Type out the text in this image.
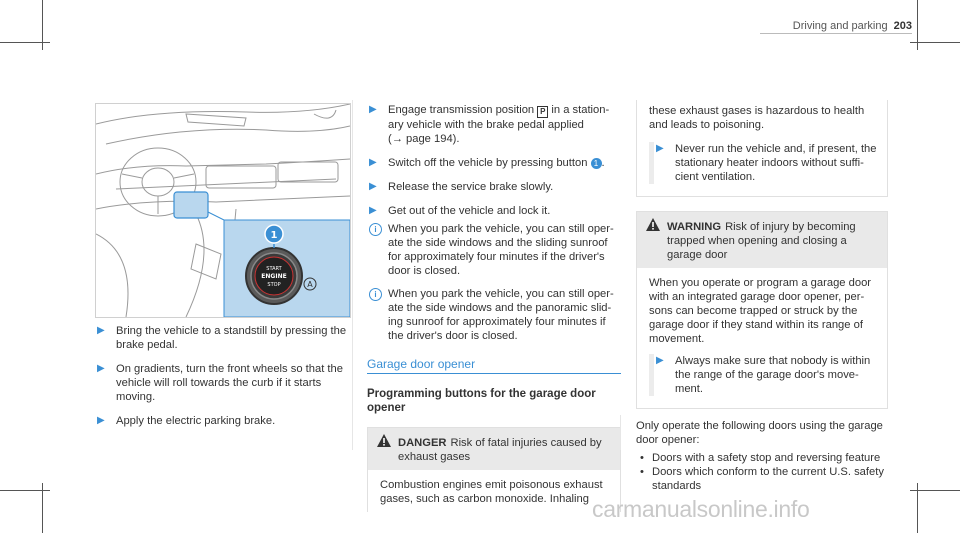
Driving and parking 203
START
ENGINE
STOP	A
1
▶ Bring the vehicle to a standstill by pressing the brake pedal.
▶ On gradients, turn the front wheels so that the vehicle will roll towards the curb if it starts moving.
▶ Apply the electric parking brake.
▶ Engage transmission position P in a station-ary vehicle with the brake pedal applied
(→ page 194).
▶ Switch off the vehicle by pressing button 1 .
▶ Release the service brake slowly.
▶ Get out of the vehicle and lock it.
i	When you park the vehicle, you can still oper-ate the side windows and the sliding sunroof for approximately four minutes if the driver's door is closed.
i	When you park the vehicle, you can still oper-ate the side windows and the panoramic slid-ing sunroof for approximately four minutes if the driver's door is closed.
Garage door opener
Programming buttons for the garage door opener
DANGER Risk of fatal injuries caused by exhaust gases
Combustion engines emit poisonous exhaust gases, such as carbon monoxide. Inhaling
these exhaust gases is hazardous to health and leads to poisoning.
▶ Never run the vehicle and, if present, the stationary heater indoors without suffi-cient ventilation.
WARNING Risk of injury by becoming trapped when opening and closing a garage door
When you operate or program a garage door with an integrated garage door opener, per-sons can become trapped or struck by the garage door if they stand within its range of movement.
▶ Always make sure that nobody is within the range of the garage door's move-ment.
Only operate the following doors using the garage door opener:
• Doors with a safety stop and reversing feature
• Doors which conform to the current U.S. safety standards
carmanualsonline.info
